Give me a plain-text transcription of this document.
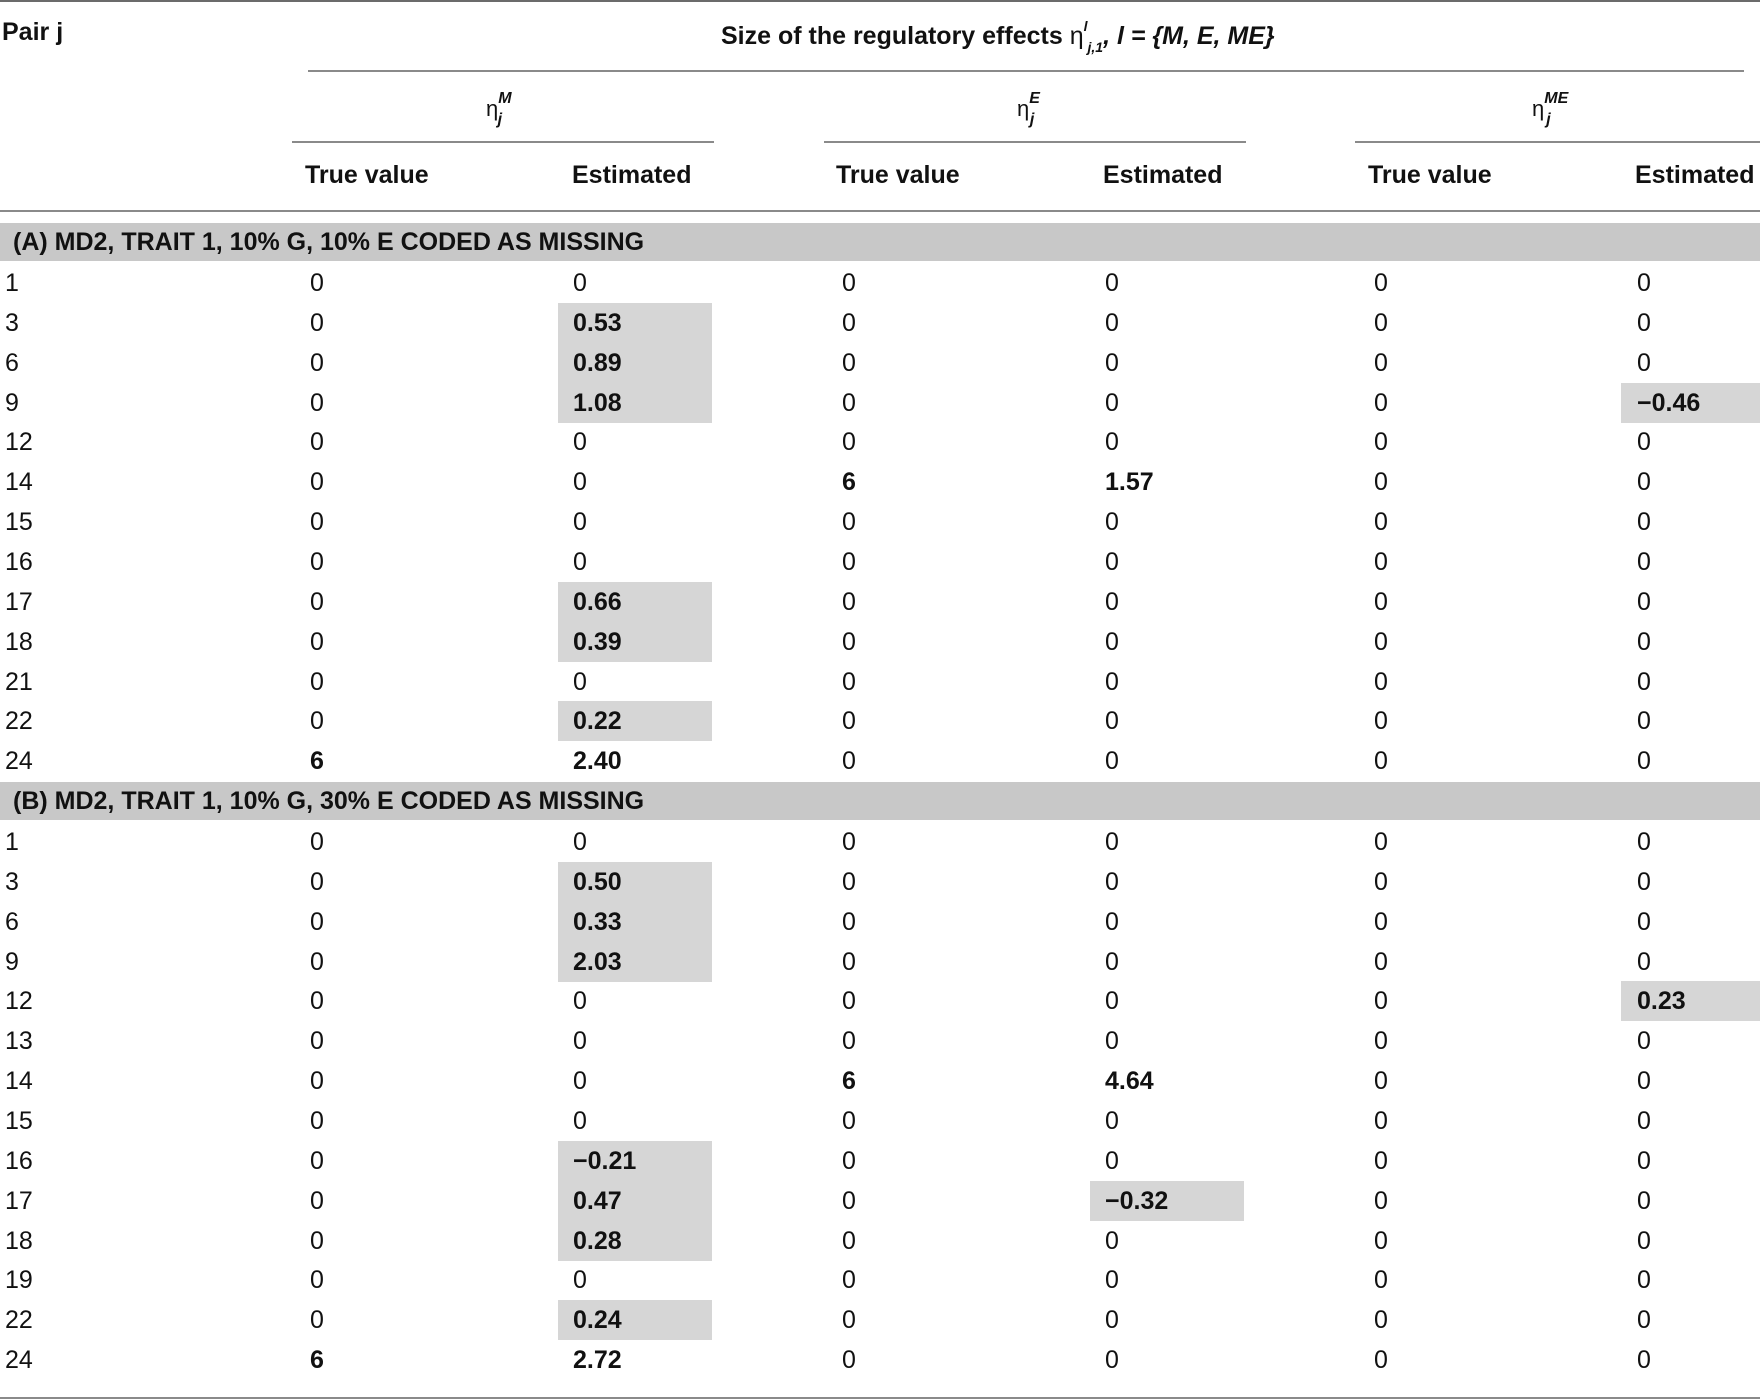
Pair j	Size of the regulatory effects $\eta^l_{j,1}$, l = {M, E, ME}
$\eta^M_j$	$\eta^E_j$	$\eta^{ME}_j$
True value	Estimated	True value	Estimated	True value	Estimated
(A) MD2, TRAIT 1, 10% G, 10% E CODED AS MISSING
1	0	0	0	0	0	0
3	0	0.53	0	0	0	0
6	0	0.89	0	0	0	0
9	0	1.08	0	0	0	−0.46
12	0	0	0	0	0	0
14	0	0	6	1.57	0	0
15	0	0	0	0	0	0
16	0	0	0	0	0	0
17	0	0.66	0	0	0	0
18	0	0.39	0	0	0	0
21	0	0	0	0	0	0
22	0	0.22	0	0	0	0
24	6	2.40	0	0	0	0
(B) MD2, TRAIT 1, 10% G, 30% E CODED AS MISSING
1	0	0	0	0	0	0
3	0	0.50	0	0	0	0
6	0	0.33	0	0	0	0
9	0	2.03	0	0	0	0
12	0	0	0	0	0	0.23
13	0	0	0	0	0	0
14	0	0	6	4.64	0	0
15	0	0	0	0	0	0
16	0	−0.21	0	0	0	0
17	0	0.47	0	−0.32	0	0
18	0	0.28	0	0	0	0
19	0	0	0	0	0	0
22	0	0.24	0	0	0	0
24	6	2.72	0	0	0	0
